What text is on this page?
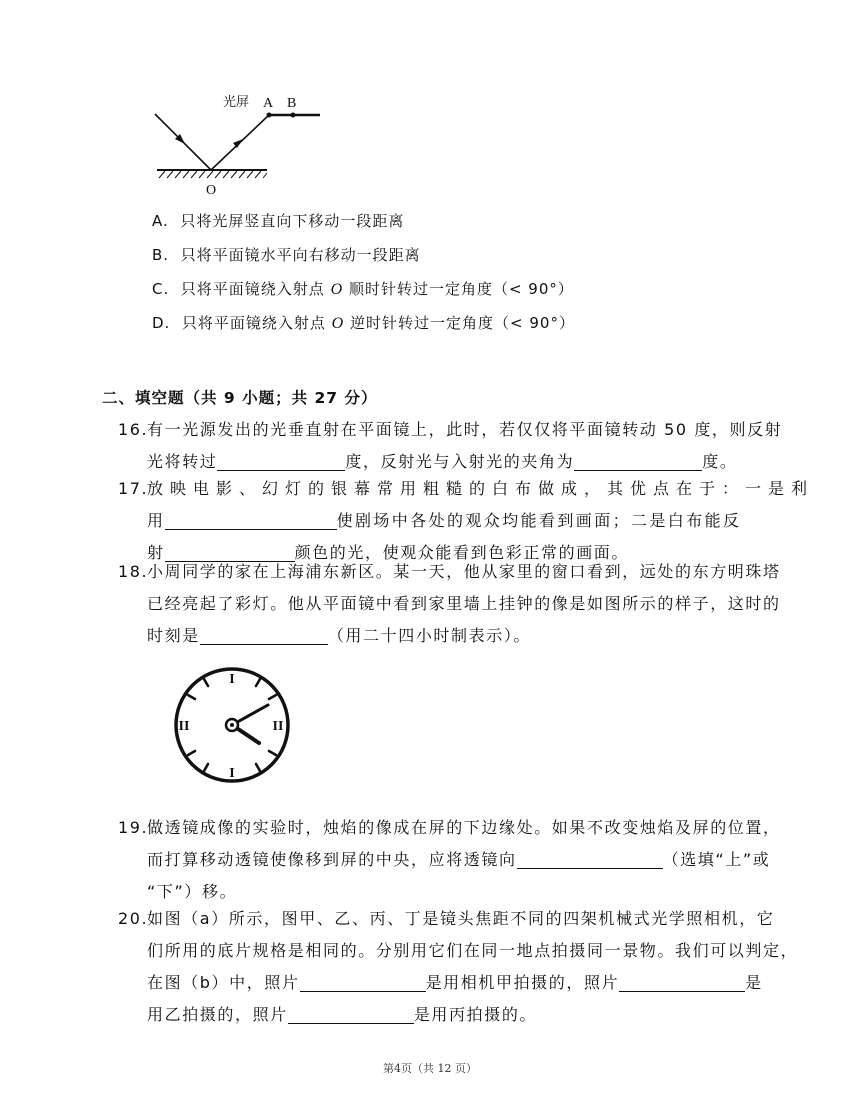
光屏 A B
O
A. 只将光屏竖直向下移动一段距离
B. 只将平面镜水平向右移动一段距离
C. 只将平面镜绕入射点 O 顺时针转过一定角度（< 90°）
D. 只将平面镜绕入射点 O 逆时针转过一定角度（< 90°）
二、填空题（共 9 小题；共 27 分）
16.
有一光源发出的光垂直射在平面镜上，此时，若仅仅将平面镜转动 50 度，则反射
光将转过	度，反射光与入射光的夹角为	度。
17.
放映电影、幻灯的银幕常用粗糙的白布做成，其优点在于：一是利
用	使剧场中各处的观众均能看到画面；二是白布能反
射	颜色的光，使观众能看到色彩正常的画面。
18.
小周同学的家在上海浦东新区。某一天，他从家里的窗口看到，远处的东方明珠塔
已经亮起了彩灯。他从平面镜中看到家里墙上挂钟的像是如图所示的样子，这时的
时刻是	（用二十四小时制表示）。
I
II
I
II
19.
做透镜成像的实验时，烛焰的像成在屏的下边缘处。如果不改变烛焰及屏的位置，
而打算移动透镜使像移到屏的中央，应将透镜向	（选填“上”或
“下”）移。
20.
如图（a）所示，图甲、乙、丙、丁是镜头焦距不同的四架机械式光学照相机，它
们所用的底片规格是相同的。分别用它们在同一地点拍摄同一景物。我们可以判定，
在图（b）中，照片	是用相机甲拍摄的，照片	是
用乙拍摄的，照片	是用丙拍摄的。
第4页（共 12 页）
